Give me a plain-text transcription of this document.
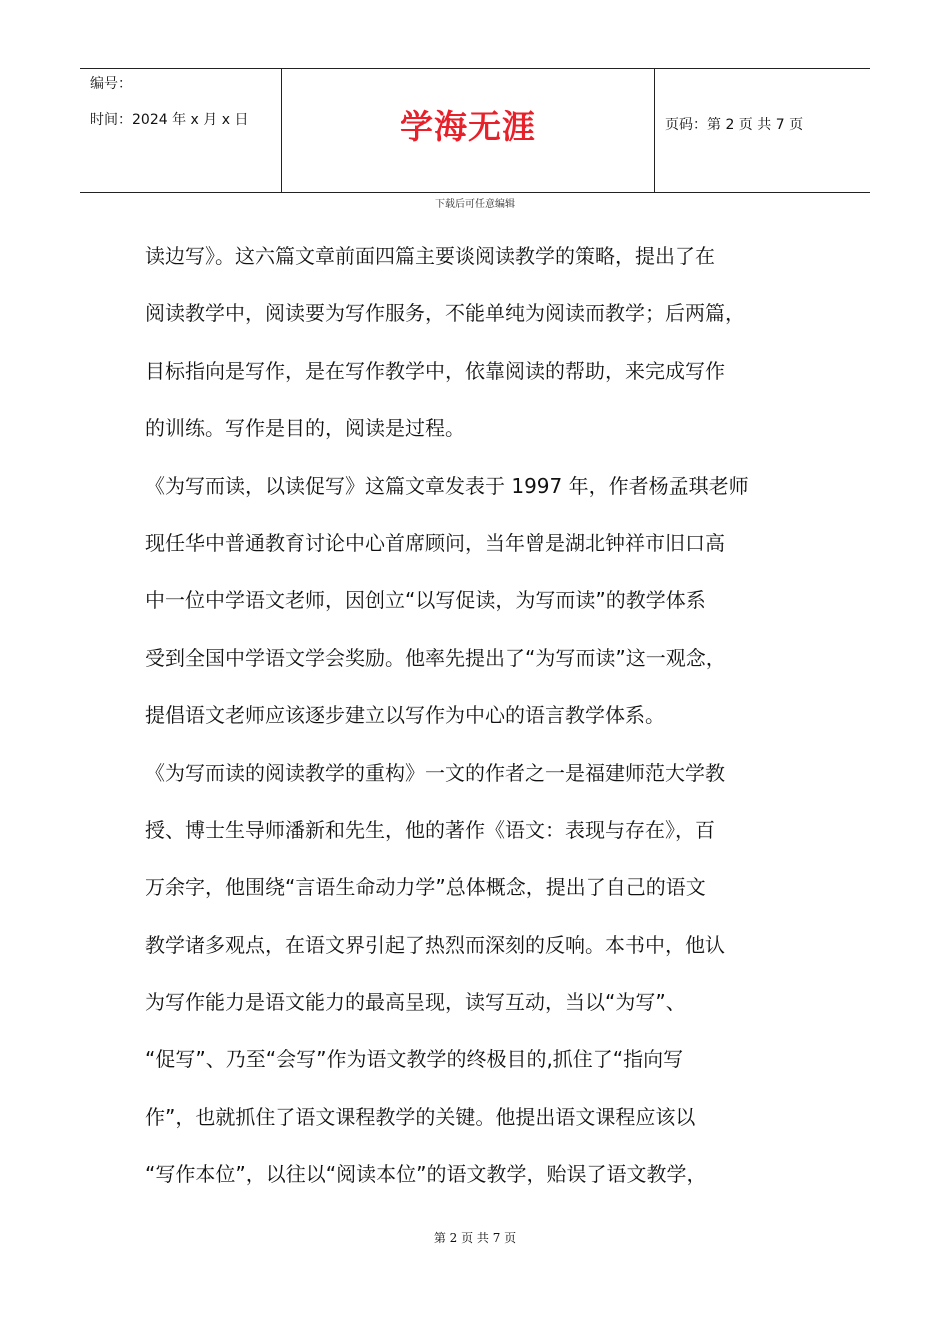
编号：
时间：2024 年 x 月 x 日	学海无涯	页码：第 2 页 共 7 页
下载后可任意编辑
读边写》。这六篇文章前面四篇主要谈阅读教学的策略，提出了在
阅读教学中，阅读要为写作服务，不能单纯为阅读而教学；后两篇，
目标指向是写作，是在写作教学中，依靠阅读的帮助，来完成写作
的训练。写作是目的，阅读是过程。
《为写而读，以读促写》这篇文章发表于 1997 年，作者杨孟琪老师
现任华中普通教育讨论中心首席顾问，当年曾是湖北钟祥市旧口高
中一位中学语文老师，因创立“以写促读，为写而读”的教学体系
受到全国中学语文学会奖励。他率先提出了“为写而读”这一观念，
提倡语文老师应该逐步建立以写作为中心的语言教学体系。
《为写而读的阅读教学的重构》一文的作者之一是福建师范大学教
授、博士生导师潘新和先生，他的著作《语文：表现与存在》，百
万余字，他围绕“言语生命动力学”总体概念，提出了自己的语文
教学诸多观点，在语文界引起了热烈而深刻的反响。本书中，他认
为写作能力是语文能力的最高呈现，读写互动，当以“为写”、
“促写”、乃至“会写”作为语文教学的终极目的,抓住了“指向写
作”，也就抓住了语文课程教学的关键。他提出语文课程应该以
“写作本位”，以往以“阅读本位”的语文教学，贻误了语文教学，
第 2 页 共 7 页
